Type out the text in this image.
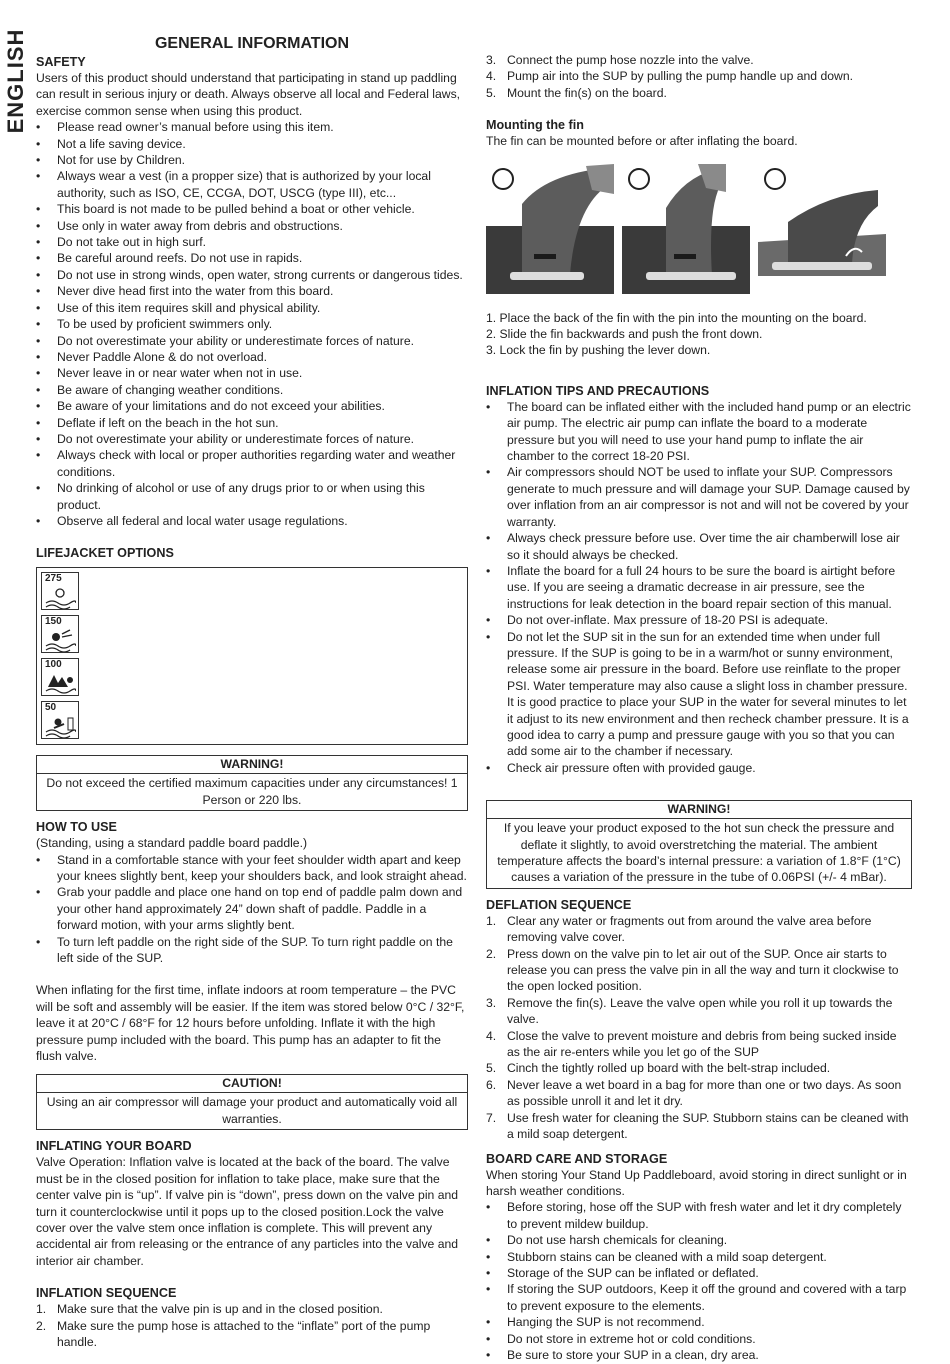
ENGLISH	GENERAL INFORMATION
SAFETY

Users of this product should understand that participating in stand up paddling can result in serious injury or death. Always observe all local and Federal laws, exercise common sense when using this product.

• Please read owner’s manual before using this item.
• Not a life saving device.
• Not for use by Children.
• Always wear a vest (in a propper size) that is authorized by your local authority, such as ISO, CE, CCGA, DOT, USCG (type III), etc...
• This board is not made to be pulled behind a boat or other vehicle.
• Use only in water away from debris and obstructions.
• Do not take out in high surf.
• Be careful around reefs. Do not use in rapids.
• Do not use in strong winds, open water, strong currents or dangerous tides.
• Never dive head first into the water from this board.
• Use of this item requires skill and physical ability.
• To be used by proficient swimmers only.
• Do not overestimate your ability or underestimate forces of nature.
• Never Paddle Alone & do not overload.
• Never leave in or near water when not in use.
• Be aware of changing weather conditions.
• Be aware of your limitations and do not exceed your abilities.
• Deflate if left on the beach in the hot sun.
• Do not overestimate your ability or underestimate forces of nature.
• Always check with local or proper authorities regarding water and weather conditions.
• No drinking of alcohol or use of any drugs prior to or when using this product.
• Observe all federal and local water usage regulations.
LIFEJACKET OPTIONS
275
150
100
50
WARNING!
Do not exceed the certified maximum capacities under any circumstances! 1 Person or 220 lbs.
HOW TO USE

(Standing, using a standard paddle board paddle.)

• Stand in a comfortable stance with your feet shoulder width apart and keep your knees slightly bent, keep your shoulders back, and look straight ahead.
• Grab your paddle and place one hand on top end of paddle palm down and your other hand approximately 24” down shaft of paddle. Paddle in a forward motion, with your arms slightly bent.
• To turn left paddle on the right side of the SUP. To turn right paddle on the left side of the SUP.

When inflating for the first time, inflate indoors at room temperature – the PVC will be soft and assembly will be easier. If the item was stored below 0°C / 32°F, leave it at 20°C / 68°F for 12 hours before unfolding. Inflate it with the high pressure pump included with the board. This pump has an adapter to fit the flush valve.

CAUTION!
Using an air compressor will damage your product and automatically void all warranties.
INFLATING YOUR BOARD

Valve Operation: Inflation valve is located at the back of the board. The valve must be in the closed position for inflation to take place, make sure that the center valve pin is “up”. If valve pin is “down”, press down on the valve pin and turn it counterclockwise until it pops up to the closed position.Lock the valve cover over the valve stem once inflation is complete. This will prevent any accidental air from releasing or the entrance of any particles into the valve and interior air chamber.

INFLATION SEQUENCE
1. Make sure that the valve pin is up and in the closed position.
2. Make sure the pump hose is attached to the “inflate” port of the pump handle.
3. Connect the pump hose nozzle into the valve.
4. Pump air into the SUP by pulling the pump handle up and down.
5. Mount the fin(s) on the board.
Mounting the fin

The fin can be mounted before or after inflating the board.

1. Place the back of the fin with the pin into the mounting on the board.

2. Slide the fin backwards and push the front down.

3. Lock the fin by pushing the lever down.

INFLATION TIPS AND PRECAUTIONS
• The board can be inflated either with the included hand pump or an electric air pump. The electric air pump can inflate the board to a moderate pressure but you will need to use your hand pump to inflate the air chamber to the correct 18-20 PSI.
• Air compressors should NOT be used to inflate your SUP. Compressors generate to much pressure and will damage your SUP. Damage caused by over inflation from an air compressor is not and will not be covered by your warranty.
• Always check pressure before use. Over time the air chamberwill lose air so it should always be checked.
• Inflate the board for a full 24 hours to be sure the board is airtight before use. If you are seeing a dramatic decrease in air pressure, see the instructions for leak detection in the board repair section of this manual.
• Do not over-inflate. Max pressure of 18-20 PSI is adequate.
• Do not let the SUP sit in the sun for an extended time when under full pressure. If the SUP is going to be in a warm/hot or sunny environment, release some air pressure in the board. Before use reinflate to the proper PSI. Water temperature may also cause a slight loss in chamber pressure. It is good practice to place your SUP in the water for several minutes to let it adjust to its new environment and then recheck chamber pressure. It is a good idea to carry a pump and pressure gauge with you so that you can add some air to the chamber if necessary.
• Check air pressure often with provided gauge.
WARNING!
If you leave your product exposed to the hot sun check the pressure and deflate it slightly, to avoid overstretching the material. The ambient temperature affects the board’s internal pressure: a variation of 1.8°F (1°C) causes a variation of the pressure in the tube of 0.06PSI (+/- 4 mBar).
DEFLATION SEQUENCE
1. Clear any water or fragments out from around the valve area before removing valve cover.
2. Press down on the valve pin to let air out of the SUP. Once air starts to release you can press the valve pin in all the way and turn it clockwise to the open locked position.
3. Remove the fin(s). Leave the valve open while you roll it up towards the valve.
4. Close the valve to prevent moisture and debris from being sucked inside as the air re-enters while you let go of the SUP
5. Cinch the tightly rolled up board with the belt-strap included.
6. Never leave a wet board in a bag for more than one or two days. As soon as possible unroll it and let it dry.
7. Use fresh water for cleaning the SUP. Stubborn stains can be cleaned with a mild soap detergent.
BOARD CARE AND STORAGE

When storing Your Stand Up Paddleboard, avoid storing in direct sunlight or in harsh weather conditions.

• Before storing, hose off the SUP with fresh water and let it dry completely to prevent mildew buildup.
• Do not use harsh chemicals for cleaning.
• Stubborn stains can be cleaned with a mild soap detergent.
• Storage of the SUP can be inflated or deflated.
• If storing the SUP outdoors, Keep it off the ground and covered with a tarp to prevent exposure to the elements.
• Hanging the SUP is not recommend.
• Do not store in extreme hot or cold conditions.
• Be sure to store your SUP in a clean, dry area.
